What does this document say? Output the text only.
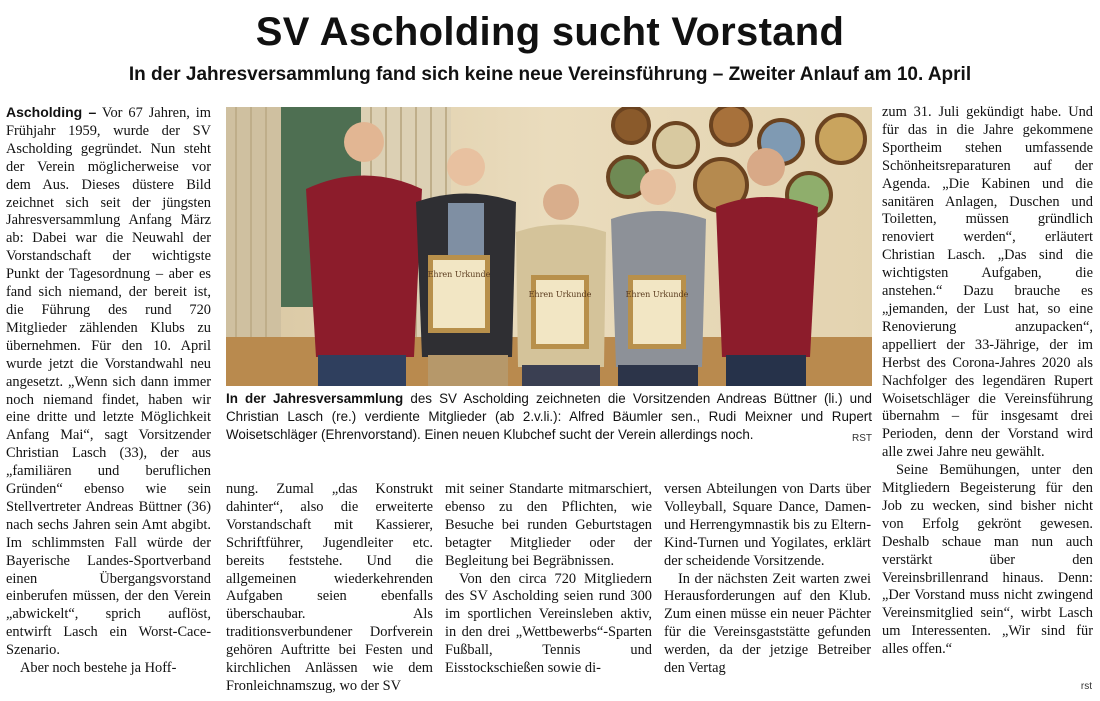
SV Ascholding sucht Vorstand
In der Jahresversammlung fand sich keine neue Vereinsführung – Zweiter Anlauf am 10. April

Ascholding – Vor 67 Jahren, im Frühjahr 1959, wurde der SV Ascholding gegründet. Nun steht der Verein möglicherweise vor dem Aus. Dieses düstere Bild zeichnet sich seit der jüngsten Jahresversammlung Anfang März ab: Dabei war die Neuwahl der Vorstandschaft der wichtigste Punkt der Tagesordnung – aber es fand sich niemand, der bereit ist, die Führung des rund 720 Mitglieder zählenden Klubs zu übernehmen. Für den 10. April wurde jetzt die Vorstandwahl neu angesetzt. „Wenn sich dann immer noch niemand findet, haben wir eine dritte und letzte Möglichkeit Anfang Mai“, sagt Vorsitzender Christian Lasch (33), der aus „familiären und beruflichen Gründen“ ebenso wie sein Stellvertreter Andreas Büttner (36) nach sechs Jahren sein Amt abgibt. Im schlimmsten Fall würde der Bayerische Landes-Sportverband einen Übergangsvorstand einberufen müssen, der den Verein „abwickelt“, sprich auflöst, entwirft Lasch ein Worst-Cace-Szenario.

Aber noch bestehe ja Hoff-

Ehren Urkunde
Ehren Urkunde	Ehren Urkunde
In der Jahresversammlung des SV Ascholding zeichneten die Vorsitzenden Andreas Büttner (li.) und Christian Lasch (re.) verdiente Mitglieder (ab 2.v.li.): Alfred Bäumler sen., Rudi Meixner und Rupert Woisetschläger (Ehrenvorstand). Einen neuen Klubchef sucht der Verein allerdings noch.	RST

nung. Zumal „das Konstrukt dahinter“, also die erweiterte Vorstandschaft mit Kassierer, Schriftführer, Jugendleiter etc. bereits feststehe. Und die allgemeinen wiederkehrenden Aufgaben seien ebenfalls überschaubar. Als traditionsverbundener Dorfverein gehören Auftritte bei Festen und kirchlichen Anlässen wie dem Fronleichnamszug, wo der SV

mit seiner Standarte mitmarschiert, ebenso zu den Pflichten, wie Besuche bei runden Geburtstagen betagter Mitglieder oder der Begleitung bei Begräbnissen.

Von den circa 720 Mitgliedern des SV Ascholding seien rund 300 im sportlichen Vereinsleben aktiv, in den drei „Wettbewerbs“-Sparten Fußball, Tennis und Eisstockschießen sowie di-

versen Abteilungen von Darts über Volleyball, Square Dance, Damen- und Herrengymnastik bis zu Eltern-Kind-Turnen und Yogilates, erklärt der scheidende Vorsitzende.

In der nächsten Zeit warten zwei Herausforderungen auf den Klub. Zum einen müsse ein neuer Pächter für die Vereinsgaststätte gefunden werden, da der jetzige Betreiber den Vertag

zum 31. Juli gekündigt habe. Und für das in die Jahre gekommene Sportheim stehen umfassende Schönheitsreparaturen auf der Agenda. „Die Kabinen und die sanitären Anlagen, Duschen und Toiletten, müssen gründlich renoviert werden“, erläutert Christian Lasch. „Das sind die wichtigsten Aufgaben, die anstehen.“ Dazu brauche es „jemanden, der Lust hat, so eine Renovierung anzupacken“, appelliert der 33-Jährige, der im Herbst des Corona-Jahres 2020 als Nachfolger des legendären Rupert Woisetschläger die Vereinsführung übernahm – für insgesamt drei Perioden, denn der Vorstand wird alle zwei Jahre neu gewählt.

Seine Bemühungen, unter den Mitgliedern Begeisterung für den Job zu wecken, sind bisher nicht von Erfolg gekrönt gewesen. Deshalb schaue man nun auch verstärkt über den Vereinsbrillenrand hinaus. Denn: „Der Vorstand muss nicht zwingend Vereinsmitglied sein“, wirbt Lasch um Interessenten. „Wir sind für alles offen.“

rst
